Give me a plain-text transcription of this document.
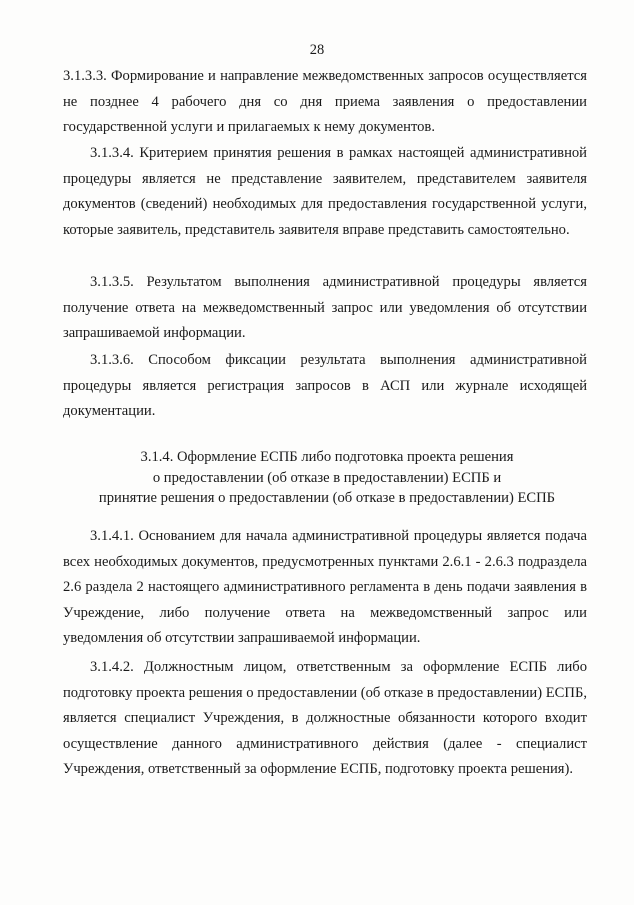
28

3.1.3.3. Формирование и направление межведомственных запросов осуществляется не позднее 4 рабочего дня со дня приема заявления о предоставлении государственной услуги и прилагаемых к нему документов.

3.1.3.4. Критерием принятия решения в рамках настоящей административной процедуры является не представление заявителем, представителем заявителя документов (сведений) необходимых для предоставления государственной услуги, которые заявитель, представитель заявителя вправе представить самостоятельно.

3.1.3.5. Результатом выполнения административной процедуры является получение ответа на межведомственный запрос или уведомления об отсутствии запрашиваемой информации.

3.1.3.6. Способом фиксации результата выполнения административной процедуры является регистрация запросов в АСП или журнале исходящей документации.

3.1.4. Оформление ЕСПБ либо подготовка проекта решения
о предоставлении (об отказе в предоставлении) ЕСПБ и
принятие решения о предоставлении (об отказе в предоставлении) ЕСПБ

3.1.4.1. Основанием для начала административной процедуры является подача всех необходимых документов, предусмотренных пунктами 2.6.1 - 2.6.3 подраздела 2.6 раздела 2 настоящего административного регламента в день подачи заявления в Учреждение, либо получение ответа на межведомственный запрос или уведомления об отсутствии запрашиваемой информации.

3.1.4.2. Должностным лицом, ответственным за оформление ЕСПБ либо подготовку проекта решения о предоставлении (об отказе в предоставлении) ЕСПБ, является специалист Учреждения, в должностные обязанности которого входит осуществление данного административного действия (далее - специалист Учреждения, ответственный за оформление ЕСПБ, подготовку проекта решения).
